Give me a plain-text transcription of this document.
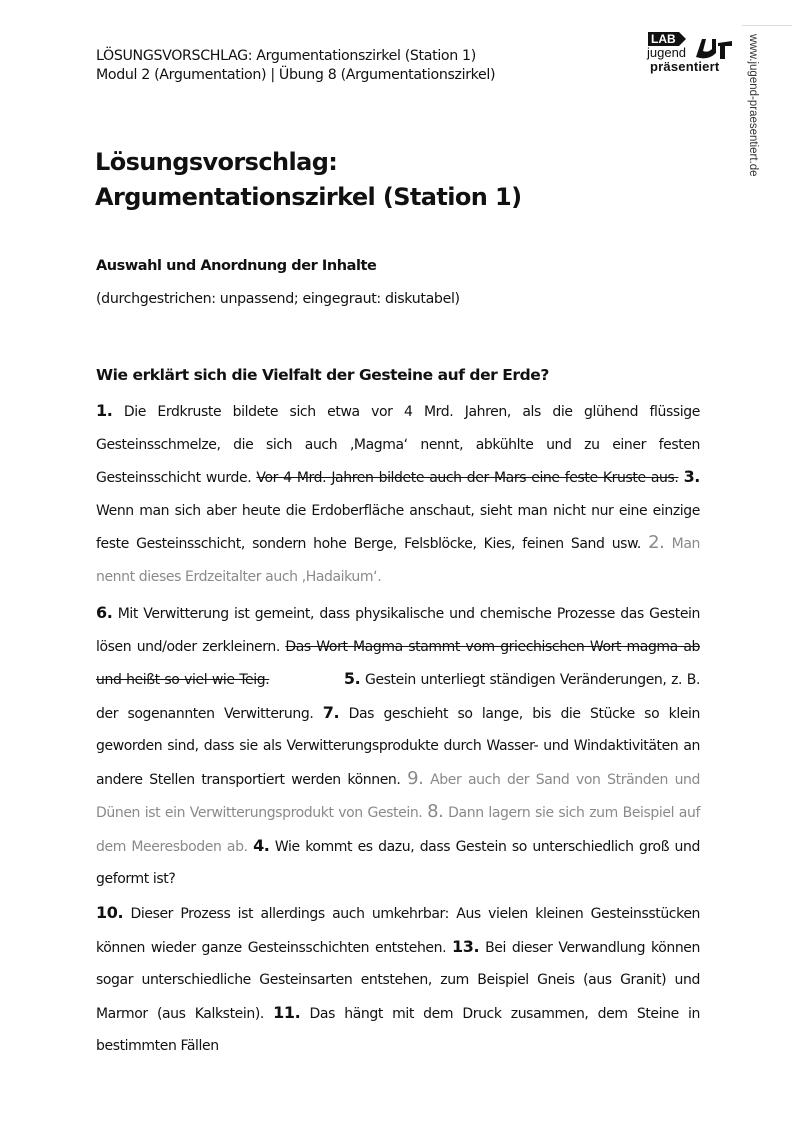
LÖSUNGSVORSCHLAG: Argumentationszirkel (Station 1)
Modul 2 (Argumentation) | Übung 8 (Argumentationszirkel)
LAB
jugend
präsentiert www.jugend-praesentiert.de
Lösungsvorschlag:
Argumentationszirkel (Station 1)
Auswahl und Anordnung der Inhalte
(durchgestrichen: unpassend; eingegraut: diskutabel)
Wie erklärt sich die Vielfalt der Gesteine auf der Erde?
1. Die Erdkruste bildete sich etwa vor 4 Mrd. Jahren, als die glühend flüssige Gesteinsschmelze, die sich auch ‚Magma‘ nennt, abkühlte und zu einer festen Gesteinsschicht wurde. Vor 4 Mrd. Jahren bildete auch der Mars eine feste Kruste aus. 3. Wenn man sich aber heute die Erdoberfläche anschaut, sieht man nicht nur eine einzige feste Gesteinsschicht, sondern hohe Berge, Felsblöcke, Kies, feinen Sand usw. 2. Man nennt dieses Erdzeitalter auch ‚Hadaikum‘.
6. Mit Verwitterung ist gemeint, dass physikalische und chemische Prozesse das Gestein lösen und/oder zerkleinern. Das Wort Magma stammt vom griechischen Wort magma ab und heißt so viel wie Teig.	5. Gestein unterliegt ständigen Veränderungen, z. B. der sogenannten Verwitterung. 7. Das geschieht so lange, bis die Stücke so klein geworden sind, dass sie als Verwitterungsprodukte durch Wasser- und Windaktivitäten an andere Stellen transportiert werden können. 9. Aber auch der Sand von Stränden und Dünen ist ein Verwitterungsprodukt von Gestein. 8. Dann lagern sie sich zum Beispiel auf dem Meeresboden ab. 4. Wie kommt es dazu, dass Gestein so unterschiedlich groß und geformt ist?
10. Dieser Prozess ist allerdings auch umkehrbar: Aus vielen kleinen Gesteinsstücken können wieder ganze Gesteinsschichten entstehen. 13. Bei dieser Verwandlung können sogar unterschiedliche Gesteinsarten entstehen, zum Beispiel Gneis (aus Granit) und Marmor (aus Kalkstein). 11. Das hängt mit dem Druck zusammen, dem Steine in bestimmten Fällen
